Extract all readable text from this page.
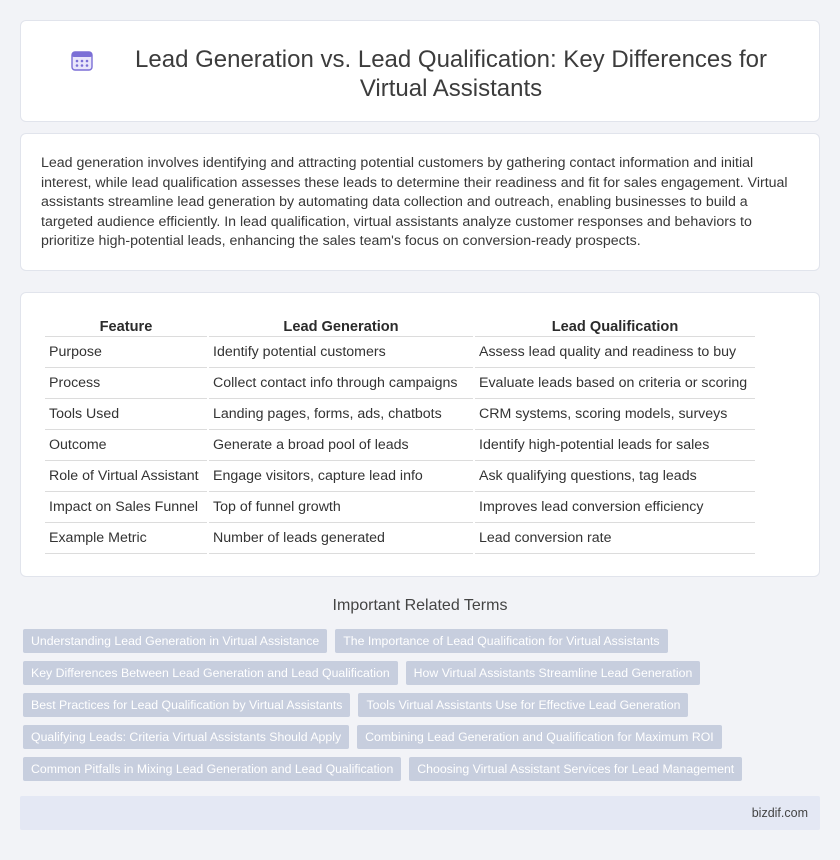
Lead Generation vs. Lead Qualification: Key Differences for Virtual Assistants

Lead generation involves identifying and attracting potential customers by gathering contact information and initial interest, while lead qualification assesses these leads to determine their readiness and fit for sales engagement. Virtual assistants streamline lead generation by automating data collection and outreach, enabling businesses to build a targeted audience efficiently. In lead qualification, virtual assistants analyze customer responses and behaviors to prioritize high-potential leads, enhancing the sales team's focus on conversion-ready prospects.

Feature	Lead Generation	Lead Qualification
Purpose	Identify potential customers	Assess lead quality and readiness to buy
Process	Collect contact info through campaigns	Evaluate leads based on criteria or scoring
Tools Used	Landing pages, forms, ads, chatbots	CRM systems, scoring models, surveys
Outcome	Generate a broad pool of leads	Identify high-potential leads for sales
Role of Virtual Assistant	Engage visitors, capture lead info	Ask qualifying questions, tag leads
Impact on Sales Funnel	Top of funnel growth	Improves lead conversion efficiency
Example Metric	Number of leads generated	Lead conversion rate
Important Related Terms
Understanding Lead Generation in Virtual Assistance	The Importance of Lead Qualification for Virtual Assistants
Key Differences Between Lead Generation and Lead Qualification	How Virtual Assistants Streamline Lead Generation
Best Practices for Lead Qualification by Virtual Assistants	Tools Virtual Assistants Use for Effective Lead Generation
Qualifying Leads: Criteria Virtual Assistants Should Apply	Combining Lead Generation and Qualification for Maximum ROI
Common Pitfalls in Mixing Lead Generation and Lead Qualification	Choosing Virtual Assistant Services for Lead Management
bizdif.com
